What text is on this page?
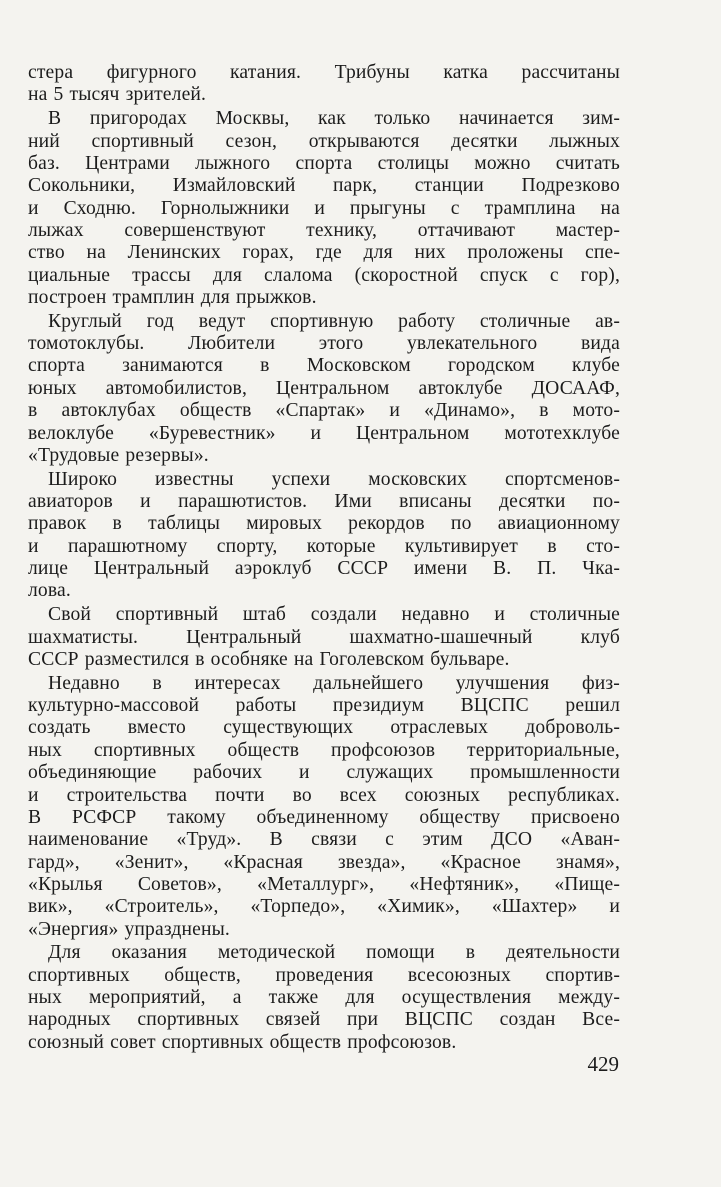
стера фигурного катания. Трибуны катка рассчитаны
на 5 тысяч зрителей.
В пригородах Москвы, как только начинается зим-
ний спортивный сезон, открываются десятки лыжных
баз. Центрами лыжного спорта столицы можно считать
Сокольники, Измайловский парк, станции Подрезково
и Сходню. Горнолыжники и прыгуны с трамплина на
лыжах совершенствуют технику, оттачивают мастер-
ство на Ленинских горах, где для них проложены спе-
циальные трассы для слалома (скоростной спуск с гор),
построен трамплин для прыжков.
Круглый год ведут спортивную работу столичные ав-
томотоклубы. Любители этого увлекательного вида
спорта занимаются в Московском городском клубе
юных автомобилистов, Центральном автоклубе ДОСААФ,
в автоклубах обществ «Спартак» и «Динамо», в мото-
велоклубе «Буревестник» и Центральном мототехклубе
«Трудовые резервы».
Широко известны успехи московских спортсменов-
авиаторов и парашютистов. Ими вписаны десятки по-
правок в таблицы мировых рекордов по авиационному
и парашютному спорту, которые культивирует в сто-
лице Центральный аэроклуб СССР имени В. П. Чка-
лова.
Свой спортивный штаб создали недавно и столичные
шахматисты. Центральный шахматно-шашечный клуб
СССР разместился в особняке на Гоголевском бульваре.
Недавно в интересах дальнейшего улучшения физ-
культурно-массовой работы президиум ВЦСПС решил
создать вместо существующих отраслевых доброволь-
ных спортивных обществ профсоюзов территориальные,
объединяющие рабочих и служащих промышленности
и строительства почти во всех союзных республиках.
В РСФСР такому объединенному обществу присвоено
наименование «Труд». В связи с этим ДСО «Аван-
гард», «Зенит», «Красная звезда», «Красное знамя»,
«Крылья Советов», «Металлург», «Нефтяник», «Пище-
вик», «Строитель», «Торпедо», «Химик», «Шахтер» и
«Энергия» упразднены.
Для оказания методической помощи в деятельности
спортивных обществ, проведения всесоюзных спортив-
ных мероприятий, а также для осуществления между-
народных спортивных связей при ВЦСПС создан Все-
союзный совет спортивных обществ профсоюзов.
429
